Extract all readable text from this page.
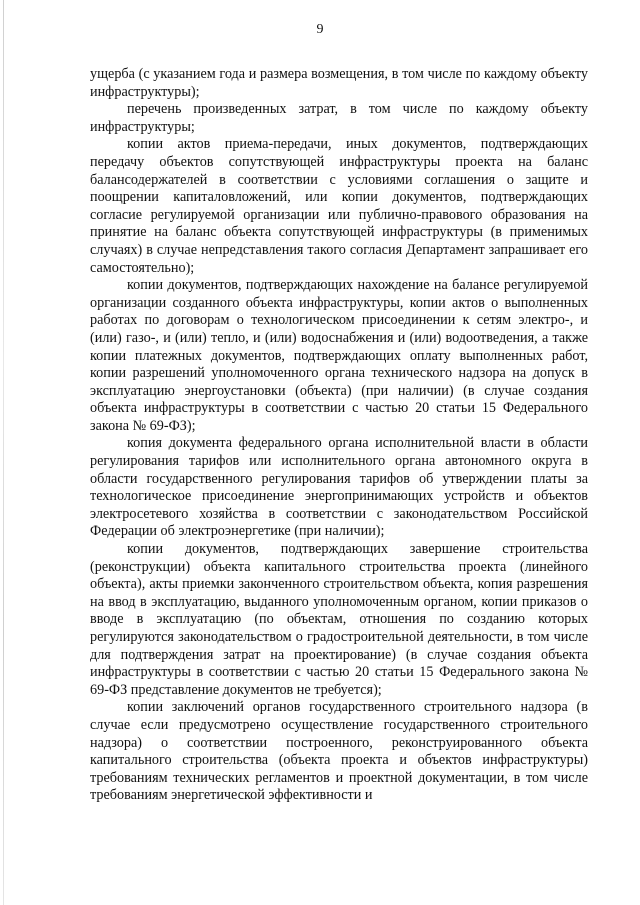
9

ущерба (с указанием года и размера возмещения, в том числе по каждому объекту инфраструктуры);

перечень произведенных затрат, в том числе по каждому объекту инфраструктуры;

копии актов приема-передачи, иных документов, подтверждающих передачу объектов сопутствующей инфраструктуры проекта на баланс балансодержателей в соответствии с условиями соглашения о защите и поощрении капиталовложений, или копии документов, подтверждающих согласие регулируемой организации или публично-правового образования на принятие на баланс объекта сопутствующей инфраструктуры (в применимых случаях) в случае непредставления такого согласия Департамент запрашивает его самостоятельно);

копии документов, подтверждающих нахождение на балансе регулируемой организации созданного объекта инфраструктуры, копии актов о выполненных работах по договорам о технологическом присоединении к сетям электро-, и (или) газо-, и (или) тепло, и (или) водоснабжения и (или) водоотведения, а также копии платежных документов, подтверждающих оплату выполненных работ, копии разрешений уполномоченного органа технического надзора на допуск в эксплуатацию энергоустановки (объекта) (при наличии) (в случае создания объекта инфраструктуры в соответствии с частью 20 статьи 15 Федерального закона № 69-ФЗ);

копия документа федерального органа исполнительной власти в области регулирования тарифов или исполнительного органа автономного округа в области государственного регулирования тарифов об утверждении платы за технологическое присоединение энергопринимающих устройств и объектов электросетевого хозяйства в соответствии с законодательством Российской Федерации об электроэнергетике (при наличии);

копии документов, подтверждающих завершение строительства (реконструкции) объекта капитального строительства проекта (линейного объекта), акты приемки законченного строительством объекта, копия разрешения на ввод в эксплуатацию, выданного уполномоченным органом, копии приказов о вводе в эксплуатацию (по объектам, отношения по созданию которых регулируются законодательством о градостроительной деятельности, в том числе для подтверждения затрат на проектирование) (в случае создания объекта инфраструктуры в соответствии с частью 20 статьи 15 Федерального закона № 69-ФЗ представление документов не требуется);

копии заключений органов государственного строительного надзора (в случае если предусмотрено осуществление государственного строительного надзора) о соответствии построенного, реконструированного объекта капитального строительства (объекта проекта и объектов инфраструктуры) требованиям технических регламентов и проектной документации, в том числе требованиям энергетической эффективности и
